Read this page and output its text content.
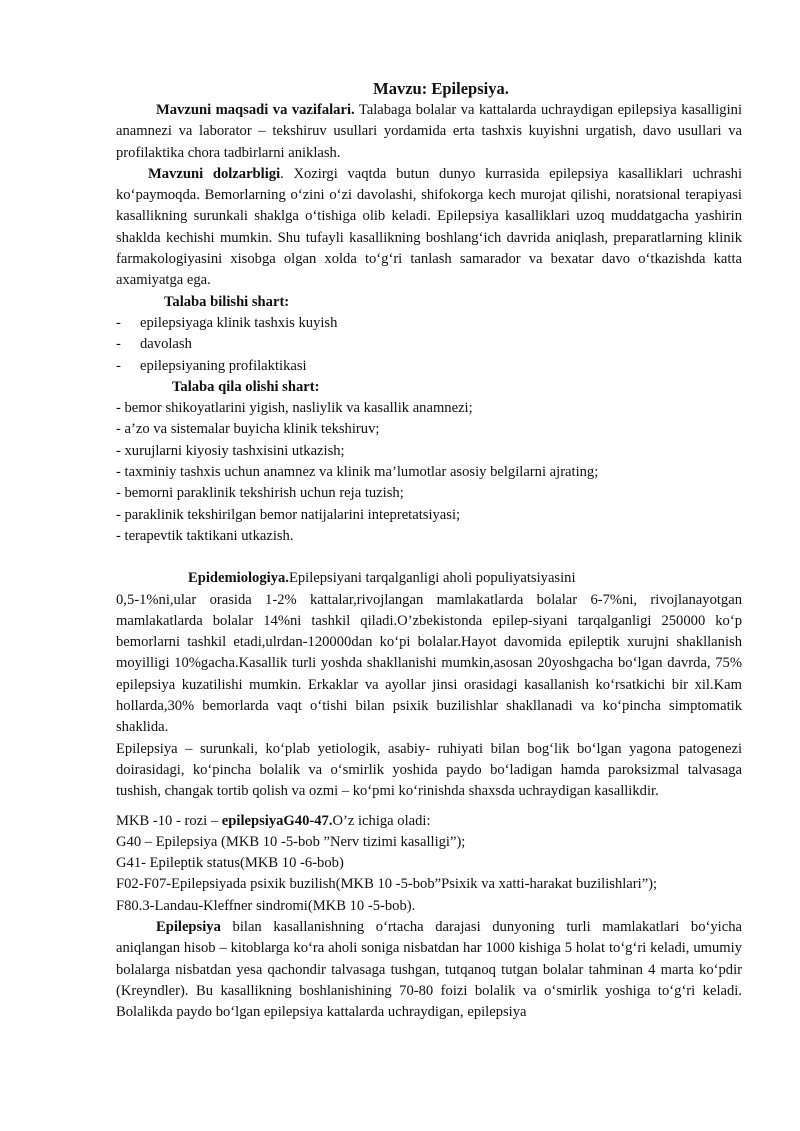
Mavzu: Epilepsiya.

Mavzuni maqsadi va vazifalari. Talabaga bolalar va kattalarda uchraydigan epilepsiya kasalligini anamnezi va laborator – tekshiruv usullari yordamida erta tashxis kuyishni urgatish, davo usullari va profilaktika chora tadbirlarni aniklash.

Mavzuni dolzarbligi. Xozirgi vaqtda butun dunyo kurrasida epilepsiya kasalliklari uchrashi ko‘paymoqda. Bemorlarning o‘zini o‘zi davolashi, shifokorga kech murojat qilishi, noratsional terapiyasi kasallikning surunkali shaklga o‘tishiga olib keladi. Epilepsiya kasalliklari uzoq muddatgacha yashirin shaklda kechishi mumkin. Shu tufayli kasallikning boshlang‘ich davrida aniqlash, preparatlarning klinik farmakologiyasini xisobga olgan xolda to‘g‘ri tanlash samarador va bexatar davo o‘tkazishda katta axamiyatga ega.

Talaba bilishi shart:

-	epilepsiyaga klinik tashxis kuyish
-	davolash
-	epilepsiyaning profilaktikasi

Talaba qila olishi shart:

- bemor shikoyatlarini yigish, nasliylik va kasallik anamnezi;

- a’zo va sistemalar buyicha klinik tekshiruv;

- xurujlarni kiyosiy tashxisini utkazish;

- taxminiy tashxis uchun anamnez va klinik ma’lumotlar asosiy belgilarni ajrating;

- bemorni paraklinik tekshirish uchun reja tuzish;

- paraklinik tekshirilgan bemor natijalarini intepretatsiyasi;

- terapevtik taktikani utkazish.

Epidemiologiya.Epilepsiyani tarqalganligi aholi populiyatsiyasini

0,5-1%ni,ular orasida 1-2% kattalar,rivojlangan mamlakatlarda bolalar 6-7%ni, rivojlanayotgan mamlakatlarda bolalar 14%ni tashkil qiladi.O’zbekistonda epilep-siyani tarqalganligi 250000 ko‘p bemorlarni tashkil etadi,ulrdan-120000dan ko‘pi bolalar.Hayot davomida epileptik xurujni shakllanish moyilligi 10%gacha.Kasallik turli yoshda shakllanishi mumkin,asosan 20yoshgacha bo‘lgan davrda, 75% epilepsiya kuzatilishi mumkin. Erkaklar va ayollar jinsi orasidagi kasallanish ko‘rsatkichi bir xil.Kam hollarda,30% bemorlarda vaqt o‘tishi bilan psixik buzilishlar shakllanadi va ko‘pincha simptomatik shaklida.

Epilepsiya – surunkali, ko‘plab yetiologik, asabiy- ruhiyati bilan bog‘lik bo‘lgan yagona patogenezi doirasidagi, ko‘pincha bolalik va o‘smirlik yoshida paydo bo‘ladigan hamda paroksizmal talvasaga tushish, changak tortib qolish va ozmi – ko‘pmi ko‘rinishda shaxsda uchraydigan kasallikdir.

MKB -10 - rozi – epilepsiyaG40-47.O’z ichiga oladi:

G40 – Epilepsiya (MKB 10 -5-bob ”Nerv tizimi kasalligi”);

G41- Epileptik status(MKB 10 -6-bob)

F02-F07-Epilepsiyada psixik buzilish(MKB 10 -5-bob”Psixik va xatti-harakat buzilishlari”);

F80.3-Landau-Kleffner sindromi(MKB 10 -5-bob).

Epilepsiya bilan kasallanishning o‘rtacha darajasi dunyoning turli mamlakatlari bo‘yicha aniqlangan hisob – kitoblarga ko‘ra aholi soniga nisbatdan har 1000 kishiga 5 holat to‘g‘ri keladi, umumiy bolalarga nisbatdan yesa qachondir talvasaga tushgan, tutqanoq tutgan bolalar tahminan 4 marta ko‘pdir (Kreyndler). Bu kasallikning boshlanishining 70-80 foizi bolalik va o‘smirlik yoshiga to‘g‘ri keladi. Bolalikda paydo bo‘lgan epilepsiya kattalarda uchraydigan, epilepsiya
